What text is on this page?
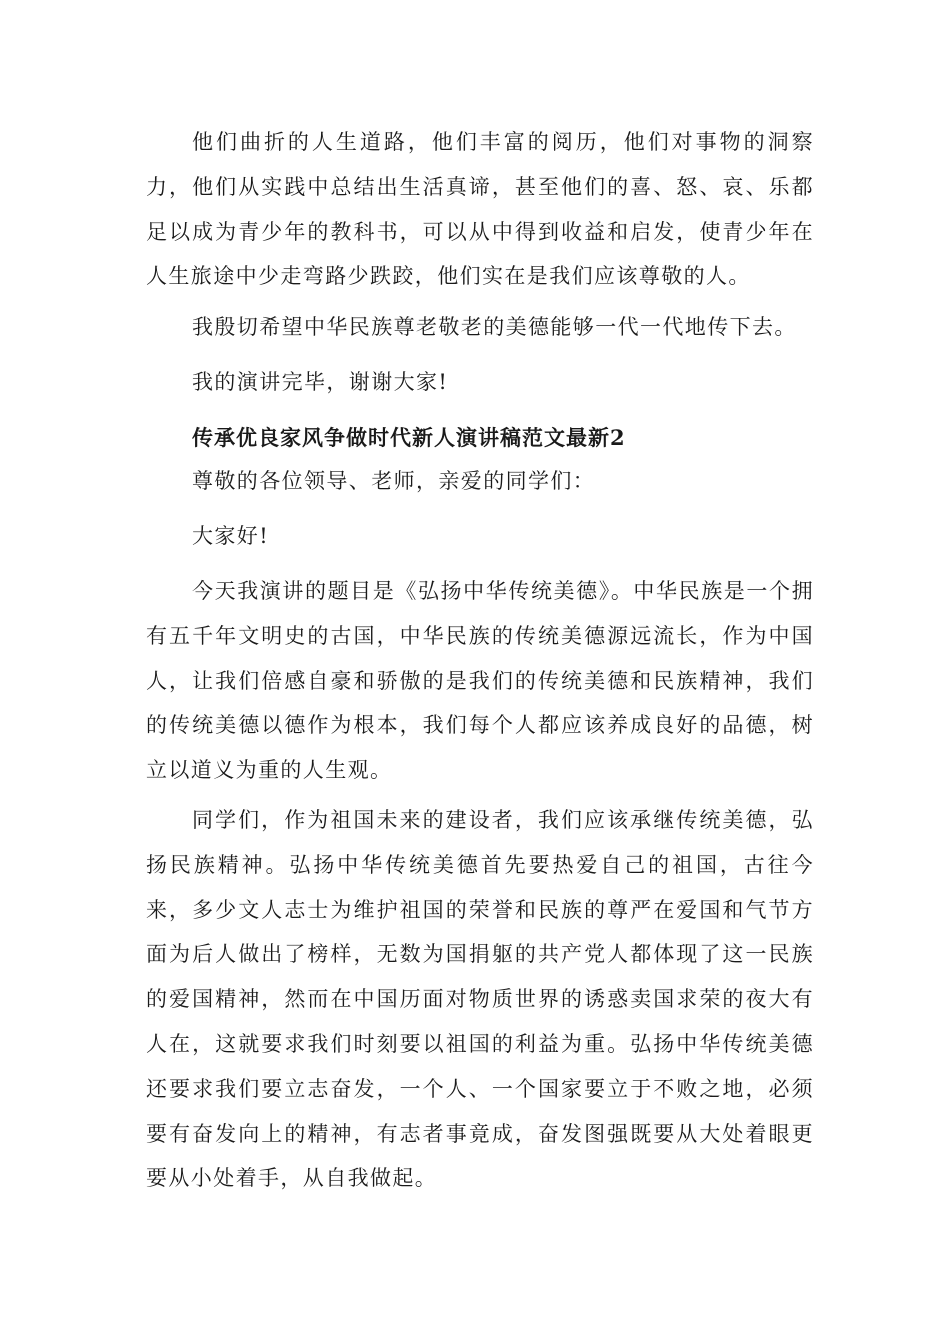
他们曲折的人生道路，他们丰富的阅历，他们对事物的洞察力，他们从实践中总结出生活真谛，甚至他们的喜、怒、哀、乐都足以成为青少年的教科书，可以从中得到收益和启发，使青少年在人生旅途中少走弯路少跌跤，他们实在是我们应该尊敬的人。

我殷切希望中华民族尊老敬老的美德能够一代一代地传下去。

我的演讲完毕，谢谢大家!

传承优良家风争做时代新人演讲稿范文最新2

尊敬的各位领导、老师，亲爱的同学们：

大家好!

今天我演讲的题目是《弘扬中华传统美德》。中华民族是一个拥有五千年文明史的古国，中华民族的传统美德源远流长，作为中国人，让我们倍感自豪和骄傲的是我们的传统美德和民族精神，我们的传统美德以德作为根本，我们每个人都应该养成良好的品德，树立以道义为重的人生观。

同学们，作为祖国未来的建设者，我们应该承继传统美德，弘扬民族精神。弘扬中华传统美德首先要热爱自己的祖国，古往今来，多少文人志士为维护祖国的荣誉和民族的尊严在爱国和气节方面为后人做出了榜样，无数为国捐躯的共产党人都体现了这一民族的爱国精神，然而在中国历面对物质世界的诱惑卖国求荣的夜大有人在，这就要求我们时刻要以祖国的利益为重。弘扬中华传统美德还要求我们要立志奋发，一个人、一个国家要立于不败之地，必须要有奋发向上的精神，有志者事竟成，奋发图强既要从大处着眼更要从小处着手，从自我做起。
